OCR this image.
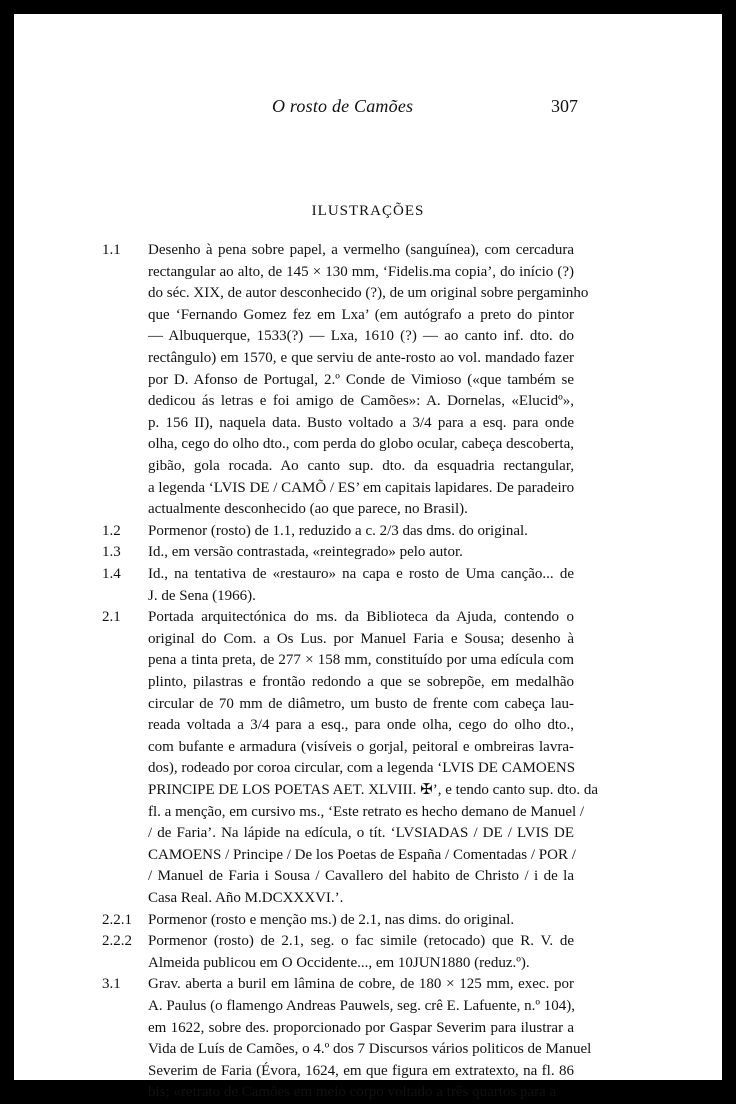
O rosto de Camões	307
ILUSTRAÇÕES
1.1 Desenho à pena sobre papel, a vermelho (sanguínea), com cercadura
rectangular ao alto, de 145 × 130 mm, ‘Fidelis.ma copia’, do início (?)
do séc. XIX, de autor desconhecido (?), de um original sobre pergaminho
que ‘Fernando Gomez fez em Lxa’ (em autógrafo a preto do pintor
— Albuquerque, 1533(?) — Lxa, 1610 (?) — ao canto inf. dto. do
rectângulo) em 1570, e que serviu de ante-rosto ao vol. mandado fazer
por D. Afonso de Portugal, 2.º Conde de Vimioso («que também se
dedicou ás letras e foi amigo de Camões»: A. Dornelas, «Elucidº»,
p. 156 II), naquela data. Busto voltado a 3/4 para a esq. para onde
olha, cego do olho dto., com perda do globo ocular, cabeça descoberta,
gibão, gola rocada. Ao canto sup. dto. da esquadria rectangular,
a legenda ‘LVIS DE / CAMÕ / ES’ em capitais lapidares. De paradeiro
actualmente desconhecido (ao que parece, no Brasil).
1.2 Pormenor (rosto) de 1.1, reduzido a c. 2/3 das dms. do original.
1.3 Id., em versão contrastada, «reintegrado» pelo autor.
1.4 Id., na tentativa de «restauro» na capa e rosto de Uma canção... de
J. de Sena (1966).
2.1 Portada arquitectónica do ms. da Biblioteca da Ajuda, contendo o
original do Com. a Os Lus. por Manuel Faria e Sousa; desenho à
pena a tinta preta, de 277 × 158 mm, constituído por uma edícula com
plinto, pilastras e frontão redondo a que se sobrepõe, em medalhão
circular de 70 mm de diâmetro, um busto de frente com cabeça lau-
reada voltada a 3/4 para a esq., para onde olha, cego do olho dto.,
com bufante e armadura (visíveis o gorjal, peitoral e ombreiras lavra-
dos), rodeado por coroa circular, com a legenda ‘LVIS DE CAMOENS
PRINCIPE DE LOS POETAS AET. XLVIII. ✠’, e tendo canto sup. dto. da
fl. a menção, em cursivo ms., ‘Este retrato es hecho demano de Manuel /
/ de Faria’. Na lápide na edícula, o tít. ‘LVSIADAS / DE / LVIS DE
CAMOENS / Principe / De los Poetas de España / Comentadas / POR /
/ Manuel de Faria i Sousa / Cavallero del habito de Christo / i de la
Casa Real. Año M.DCXXXVI.’.
2.2.1 Pormenor (rosto e menção ms.) de 2.1, nas dims. do original.
2.2.2 Pormenor (rosto) de 2.1, seg. o fac simile (retocado) que R. V. de
Almeida publicou em O Occidente..., em 10JUN1880 (reduz.º).
3.1 Grav. aberta a buril em lâmina de cobre, de 180 × 125 mm, exec. por
A. Paulus (o flamengo Andreas Pauwels, seg. crê E. Lafuente, n.º 104),
em 1622, sobre des. proporcionado por Gaspar Severim para ilustrar a
Vida de Luís de Camões, o 4.º dos 7 Discursos vários politicos de Manuel
Severim de Faria (Évora, 1624, em que figura em extratexto, na fl. 86
bis; «retrato de Camões em meio corpo voltado a três quartos para a
